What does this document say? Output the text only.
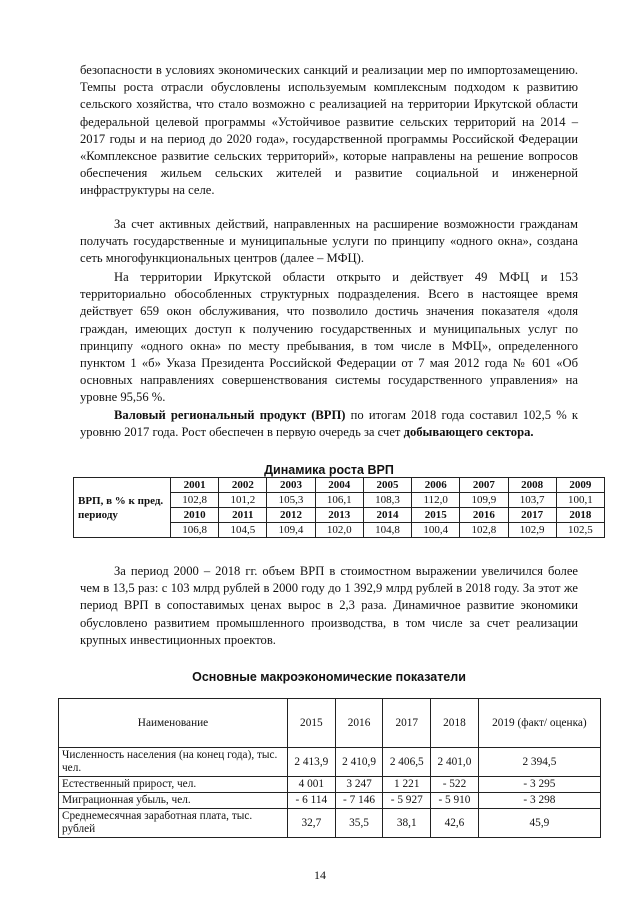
безопасности в условиях экономических санкций и реализации мер по импортозамещению. Темпы роста отрасли обусловлены используемым комплексным подходом к развитию сельского хозяйства, что стало возможно с реализацией на территории Иркутской области федеральной целевой программы «Устойчивое развитие сельских территорий на 2014 – 2017 годы и на период до 2020 года», государственной программы Российской Федерации «Комплексное развитие сельских территорий», которые направлены на решение вопросов обеспечения жильем сельских жителей и развитие социальной и инженерной инфраструктуры на селе.
За счет активных действий, направленных на расширение возможности гражданам получать государственные и муниципальные услуги по принципу «одного окна», создана сеть многофункциональных центров (далее – МФЦ).
На территории Иркутской области открыто и действует 49 МФЦ и 153 территориально обособленных структурных подразделения. Всего в настоящее время действует 659 окон обслуживания, что позволило достичь значения показателя «доля граждан, имеющих доступ к получению государственных и муниципальных услуг по принципу «одного окна» по месту пребывания, в том числе в МФЦ», определенного пунктом 1 «б» Указа Президента Российской Федерации от 7 мая 2012 года № 601 «Об основных направлениях совершенствования системы государственного управления» на уровне 95,56 %.
Валовый региональный продукт (ВРП) по итогам 2018 года составил 102,5 % к уровню 2017 года. Рост обеспечен в первую очередь за счет добывающего сектора.
Динамика роста ВРП
ВРП, в % к пред. периоду	2001	2002	2003	2004	2005	2006	2007	2008	2009
	102,8	101,2	105,3	106,1	108,3	112,0	109,9	103,7	100,1
	2010	2011	2012	2013	2014	2015	2016	2017	2018
	106,8	104,5	109,4	102,0	104,8	100,4	102,8	102,9	102,5
За период 2000 – 2018 гг. объем ВРП в стоимостном выражении увеличился более чем в 13,5 раз: с 103 млрд рублей в 2000 году до 1 392,9 млрд рублей в 2018 году. За этот же период ВРП в сопоставимых ценах вырос в 2,3 раза. Динамичное развитие экономики обусловлено развитием промышленного производства, в том числе за счет реализации крупных инвестиционных проектов.
Основные макроэкономические показатели
Наименование	2015	2016	2017	2018	2019 (факт/ оценка)
Численность населения (на конец года), тыс. чел.	2 413,9	2 410,9	2 406,5	2 401,0	2 394,5
Естественный прирост, чел.	4 001	3 247	1 221	- 522	- 3 295
Миграционная убыль, чел.	- 6 114	- 7 146	- 5 927	- 5 910	- 3 298
Среднемесячная заработная плата, тыс. рублей	32,7	35,5	38,1	42,6	45,9
14
